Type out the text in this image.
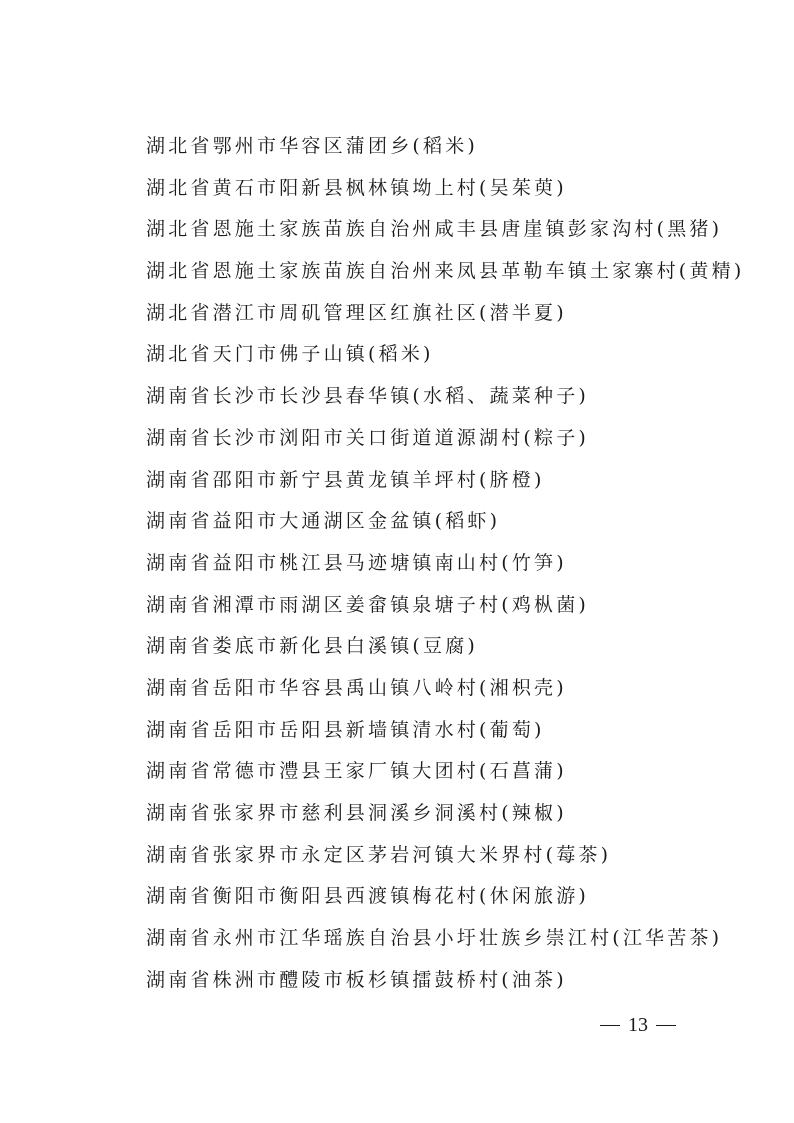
湖北省鄂州市华容区蒲团乡(稻米)
湖北省黄石市阳新县枫林镇坳上村(吴茱萸)
湖北省恩施土家族苗族自治州咸丰县唐崖镇彭家沟村(黑猪)
湖北省恩施土家族苗族自治州来凤县革勒车镇土家寨村(黄精)
湖北省潜江市周矶管理区红旗社区(潜半夏)
湖北省天门市佛子山镇(稻米)
湖南省长沙市长沙县春华镇(水稻、蔬菜种子)
湖南省长沙市浏阳市关口街道道源湖村(粽子)
湖南省邵阳市新宁县黄龙镇羊坪村(脐橙)
湖南省益阳市大通湖区金盆镇(稻虾)
湖南省益阳市桃江县马迹塘镇南山村(竹笋)
湖南省湘潭市雨湖区姜畲镇泉塘子村(鸡枞菌)
湖南省娄底市新化县白溪镇(豆腐)
湖南省岳阳市华容县禹山镇八岭村(湘枳壳)
湖南省岳阳市岳阳县新墙镇清水村(葡萄)
湖南省常德市澧县王家厂镇大团村(石菖蒲)
湖南省张家界市慈利县洞溪乡洞溪村(辣椒)
湖南省张家界市永定区茅岩河镇大米界村(莓茶)
湖南省衡阳市衡阳县西渡镇梅花村(休闲旅游)
湖南省永州市江华瑶族自治县小圩壮族乡崇江村(江华苦茶)
湖南省株洲市醴陵市板杉镇擂鼓桥村(油茶)
13
